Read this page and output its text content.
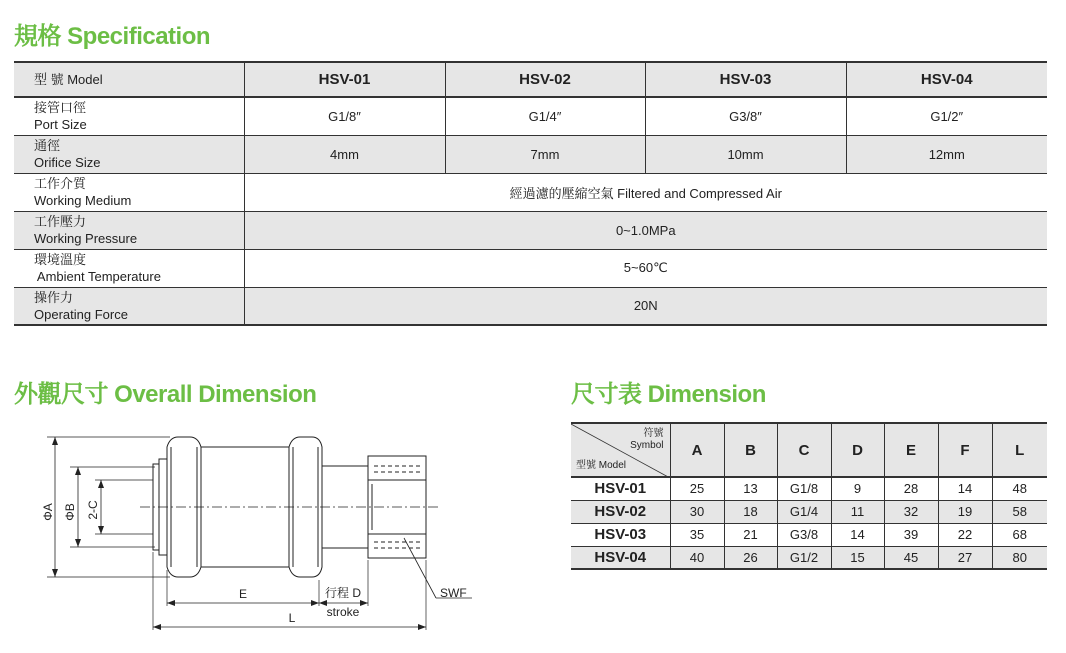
規格 Specification
型 號 Model	HSV-01	HSV-02	HSV-03	HSV-04

接管口徑
Port Size	G1/8″	G1/4″	G3/8″	G1/2″

通徑
Orifice Size	4mm	7mm	10mm	12mm

工作介質
Working Medium	經過濾的壓縮空氣 Filtered and Compressed Air			

工作壓力
Working Pressure	0~1.0MPa			

環境溫度
Ambient Temperature	5~60℃			

操作力
Operating Force	20N			
外觀尺寸 Overall Dimension	尺寸表 Dimension
ΦA ΦB 2-C
E	行程 D
stroke
L
SWF
符號
Symbol
型號 Model	A	B	C	D	E	F	L
HSV-01	25	13	G1/8	9	28	14	48
HSV-02	30	18	G1/4	11	32	19	58
HSV-03	35	21	G3/8	14	39	22	68
HSV-04	40	26	G1/2	15	45	27	80
